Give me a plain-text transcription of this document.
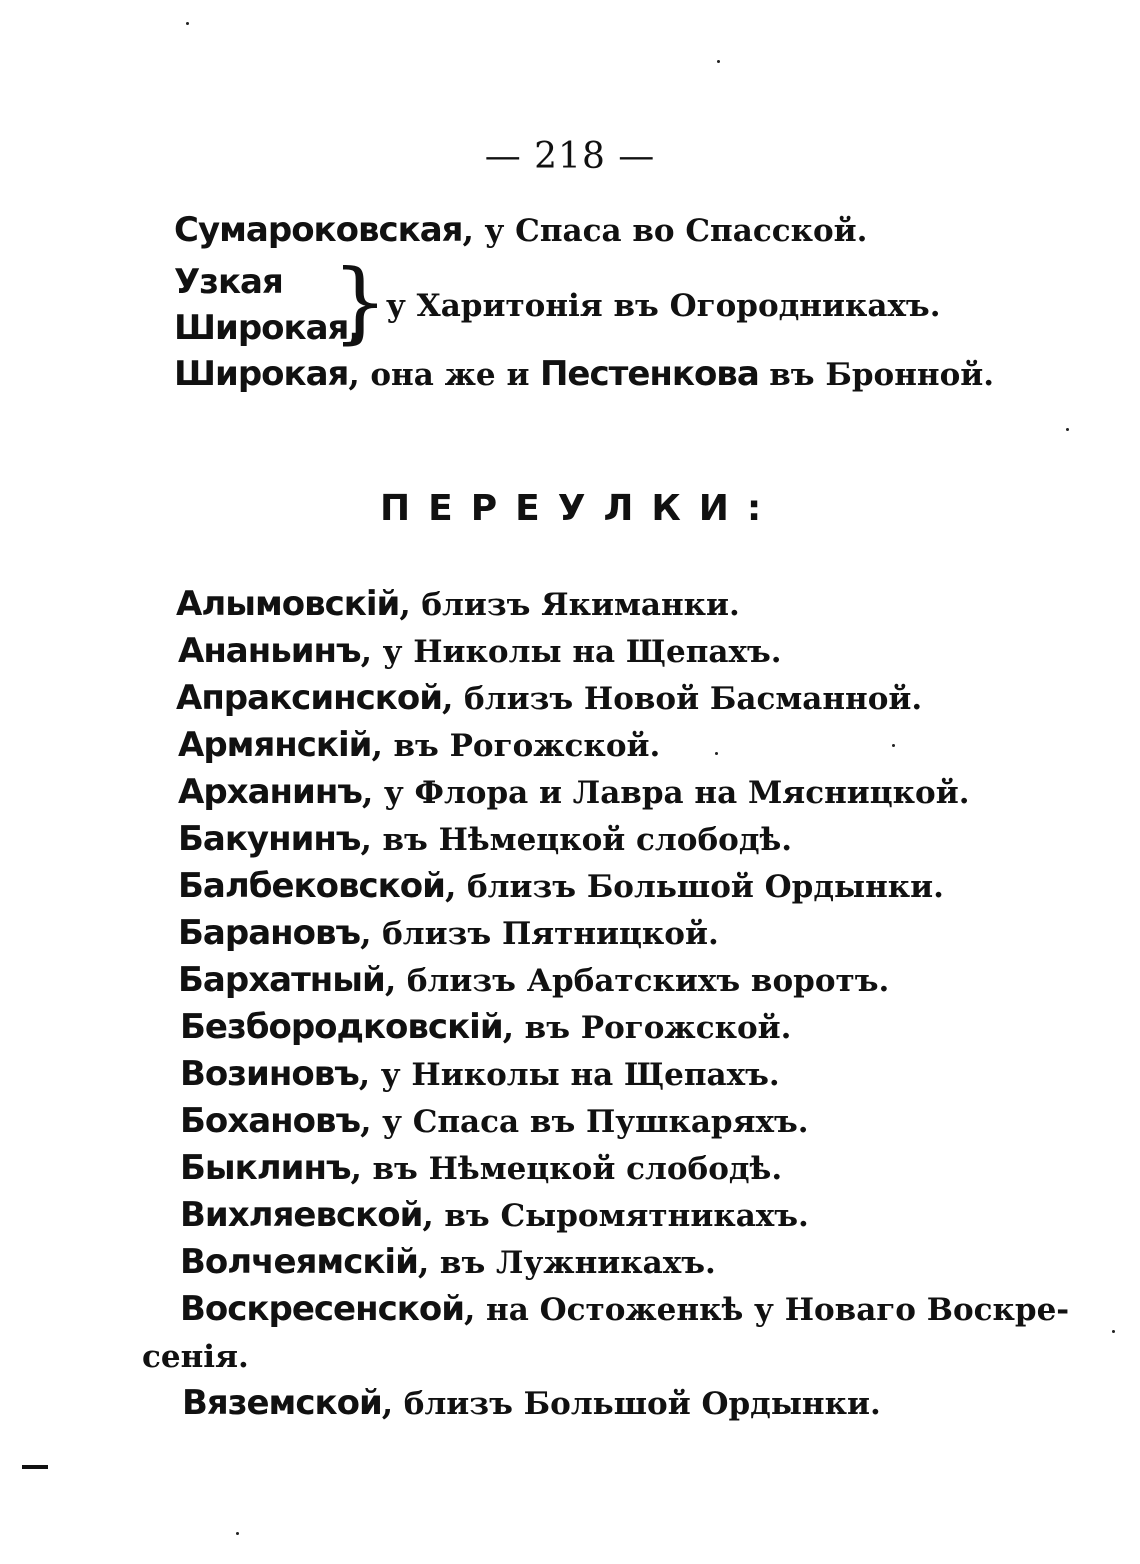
— 218 —
Сумароковская, у Спаса во Спасской.
Узкая
Широкая,
}
у Харитонія въ Огородникахъ.
Широкая, она же и Пестенкова въ Бронной.
ПЕРЕУЛКИ:
Алымовскій, близъ Якиманки.
Ананьинъ, у Николы на Щепахъ.
Апраксинской, близъ Новой Басманной.
Армянскій, въ Рогожской.
Арханинъ, у Флора и Лавра на Мясницкой.
Бакунинъ, въ Нѣмецкой слободѣ.
Балбековской, близъ Большой Ордынки.
Барановъ, близъ Пятницкой.
Бархатный, близъ Арбатскихъ воротъ.
Безбородковскій, въ Рогожской.
Возиновъ, у Николы на Щепахъ.
Бохановъ, у Спаса въ Пушкаряхъ.
Быклинъ, въ Нѣмецкой слободѣ.
Вихляевской, въ Сыромятникахъ.
Волчеямскій, въ Лужникахъ.
Воскресенской, на Остоженкѣ у Новаго Воскре-
сенія.
Вяземской, близъ Большой Ордынки.
